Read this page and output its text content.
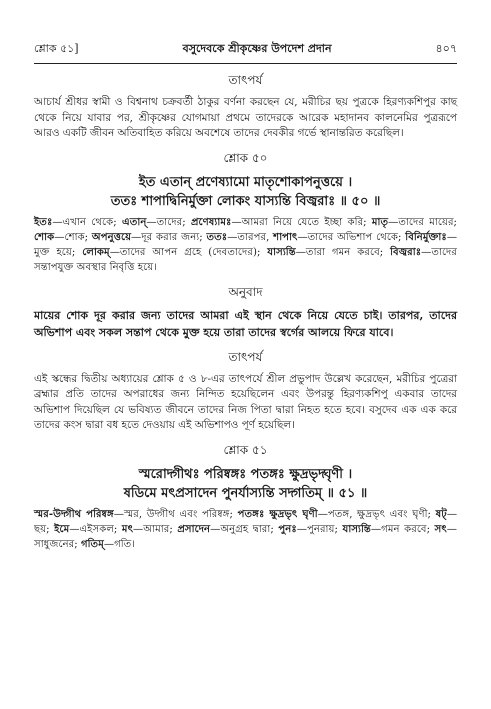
শ্লোক ৫১]	বসুদেবকে শ্রীকৃষ্ণের উপদেশ প্রদান	৪০৭
তাৎপর্য

আচার্য শ্রীধর স্বামী ও বিশ্বনাথ চক্রবর্তী ঠাকুর বর্ণনা করছেন যে, মরীচির ছয় পুত্রকে হিরণ্যকশিপুর কাছ থেকে নিয়ে যাবার পর, শ্রীকৃষ্ণের যোগমায়া প্রথমে তাদেরকে আরেক মহাদানব কালনেমির পুত্ররূপে আরও একটি জীবন অতিবাহিত করিয়ে অবশেষে তাদের দেবকীর গর্ভে স্থানান্তরিত করেছিল।

শ্লোক ৫০

ইত এতান্ প্রণেষ্যামো মাতৃশোকাপনুত্তয়ে ।

ততঃ শাপাদ্বিনির্মুক্তা লোকং যাস্যন্তি বিজ্বরাঃ ॥ ৫০ ॥

ইতঃ—এখান থেকে; এতান্—তাদের; প্রণেষ্যামঃ—আমরা নিয়ে যেতে ইচ্ছা করি; মাতৃ—তাদের মায়ের; শোক—শোক; অপনুত্তয়ে—দূর করার জন্য; ততঃ—তারপর, শাপাৎ—তাদের অভিশাপ থেকে; বিনির্মুক্তাঃ—মুক্ত হয়ে; লোকম্—তাদের আপন গ্রহে (দেবতাদের); যাস্যন্তি—তারা গমন করবে; বিজ্বরাঃ—তাদের সন্তাপযুক্ত অবস্থার নিবৃত্তি হয়ে।

অনুবাদ

মায়ের শোক দূর করার জন্য তাদের আমরা এই স্থান থেকে নিয়ে যেতে চাই। তারপর, তাদের অভিশাপ এবং সকল সন্তাপ থেকে মুক্ত হয়ে তারা তাদের স্বর্গের আলয়ে ফিরে যাবে।

তাৎপর্য

এই স্কন্ধের দ্বিতীয় অধ্যায়ের শ্লোক ৫ ও ৮-এর তাৎপর্যে শ্রীল প্রভুপাদ উল্লেখ করেছেন, মরীচির পুত্রেরা ব্রহ্মার প্রতি তাদের অপরাধের জন্য নিন্দিত হয়েছিলেন এবং উপরন্তু হিরণ্যকশিপু একবার তাদের অভিশাপ দিয়েছিল যে ভবিষ্যত জীবনে তাদের নিজ পিতা দ্বারা নিহত হতে হবে। বসুদেব এক এক করে তাদের কংস দ্বারা বধ হতে দেওয়ায় এই অভিশাপও পূর্ণ হয়েছিল।

শ্লোক ৫১

স্মরোদ্গীথঃ পরিষ্বঙ্গঃ পতঙ্গঃ ক্ষুদ্রভৃদ্ঘৃণী ।

ষডিমে মৎপ্রসাদেন পুনর্যাস্যন্তি সদ্গতিম্ ॥ ৫১ ॥

স্মর-উদ্গীথ পরিষ্বঙ্গ—স্মর, উদ্গীথ এবং পরিষ্বঙ্গ; পতঙ্গঃ ক্ষুদ্রভৃৎ ঘৃণী—পতঙ্গ, ক্ষুদ্রভৃৎ এবং ঘৃণী; ষট্—ছয়; ইমে—এইসকল; মৎ—আমার; প্রসাদেন—অনুগ্রহ দ্বারা; পুনঃ—পুনরায়; যাস্যন্তি—গমন করবে; সৎ—সাধুজনের; গতিম্—গতি।
